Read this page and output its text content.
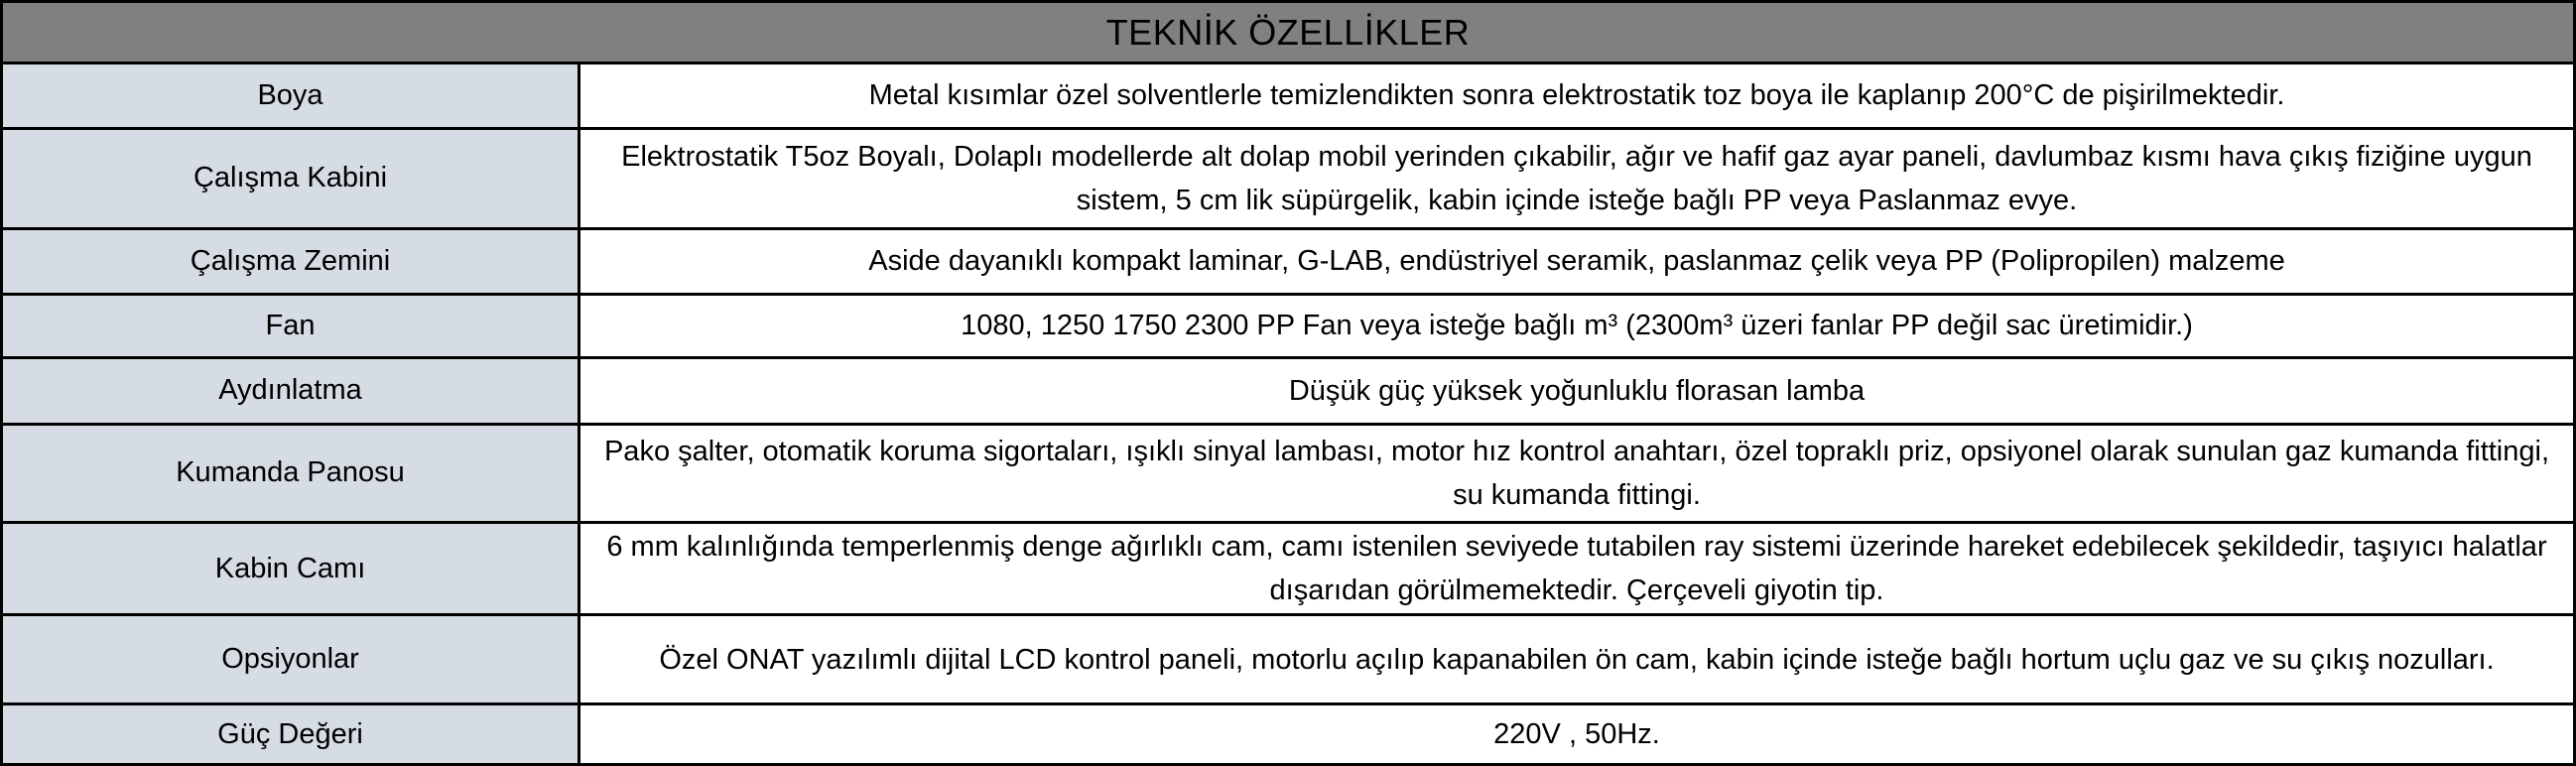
TEKNİK ÖZELLİKLER	
Boya	Metal kısımlar özel solventlerle temizlendikten sonra elektrostatik toz boya ile kaplanıp 200°C de pişirilmektedir.
Çalışma Kabini	Elektrostatik T5oz Boyalı, Dolaplı modellerde alt dolap mobil yerinden çıkabilir, ağır ve hafif gaz ayar paneli, davlumbaz kısmı hava çıkış fiziğine uygun sistem, 5 cm lik süpürgelik, kabin içinde isteğe bağlı PP veya Paslanmaz evye.
Çalışma Zemini	Aside dayanıklı kompakt laminar, G-LAB, endüstriyel seramik, paslanmaz çelik veya PP (Polipropilen) malzeme
Fan	1080, 1250 1750 2300 PP Fan veya isteğe bağlı m³ (2300m³ üzeri fanlar PP değil sac üretimidir.)
Aydınlatma	Düşük güç yüksek yoğunluklu florasan lamba
Kumanda Panosu	Pako şalter, otomatik koruma sigortaları, ışıklı sinyal lambası, motor hız kontrol anahtarı, özel topraklı priz, opsiyonel olarak sunulan gaz kumanda fittingi, su kumanda fittingi.
Kabin Camı	6 mm kalınlığında temperlenmiş denge ağırlıklı cam, camı istenilen seviyede tutabilen ray sistemi üzerinde hareket edebilecek şekildedir, taşıyıcı halatlar dışarıdan görülmemektedir. Çerçeveli giyotin tip.
Opsiyonlar	Özel ONAT yazılımlı dijital LCD kontrol paneli, motorlu açılıp kapanabilen ön cam, kabin içinde isteğe bağlı hortum uçlu gaz ve su çıkış nozulları.
Güç Değeri	220V , 50Hz.
